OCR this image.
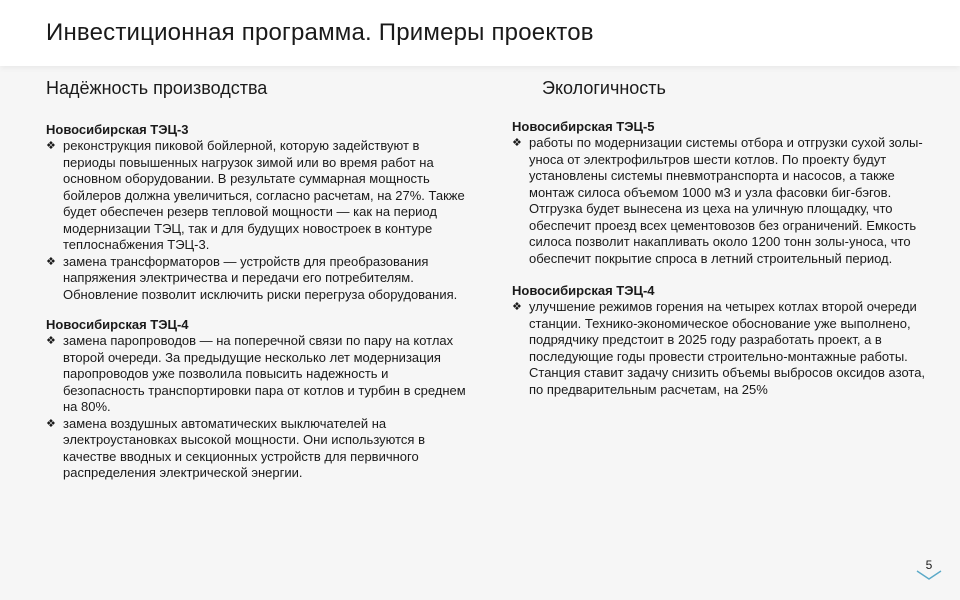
Инвестиционная программа. Примеры проектов
Надёжность производства

Новосибирская ТЭЦ-3

❖ реконструкция пиковой бойлерной, которую задействуют в периоды повышенных нагрузок зимой или во время работ на основном оборудовании. В результате суммарная мощность бойлеров должна увеличиться, согласно расчетам, на 27%. Также будет обеспечен резерв тепловой мощности — как на период модернизации ТЭЦ, так и для будущих новостроек в контуре теплоснабжения ТЭЦ-3.
❖ замена трансформаторов — устройств для преобразования напряжения электричества и передачи его потребителям. Обновление позволит исключить риски перегруза оборудования.

Новосибирская ТЭЦ-4

❖ замена паропроводов — на поперечной связи по пару на котлах второй очереди. За предыдущие несколько лет модернизация паропроводов уже позволила повысить надежность и безопасность транспортировки пара от котлов и турбин в среднем на 80%.
❖ замена воздушных автоматических выключателей на электроустановках высокой мощности. Они используются в качестве вводных и секционных устройств для первичного распределения электрической энергии.
Экологичность

Новосибирская ТЭЦ-5

❖ работы по модернизации системы отбора и отгрузки сухой золы-уноса от электрофильтров шести котлов. По проекту будут установлены системы пневмотранспорта и насосов, а также монтаж силоса объемом 1000 м3 и узла фасовки биг-бэгов. Отгрузка будет вынесена из цеха на уличную площадку, что обеспечит проезд всех цементовозов без ограничений. Емкость силоса позволит накапливать около 1200 тонн золы-уноса, что обеспечит покрытие спроса в летний строительный период.

Новосибирская ТЭЦ-4

❖ улучшение режимов горения на четырех котлах второй очереди станции. Технико-экономическое обоснование уже выполнено, подрядчику предстоит в 2025 году разработать проект, а в последующие годы провести строительно-монтажные работы. Станция ставит задачу снизить объемы выбросов оксидов азота, по предварительным расчетам, на 25%
5
